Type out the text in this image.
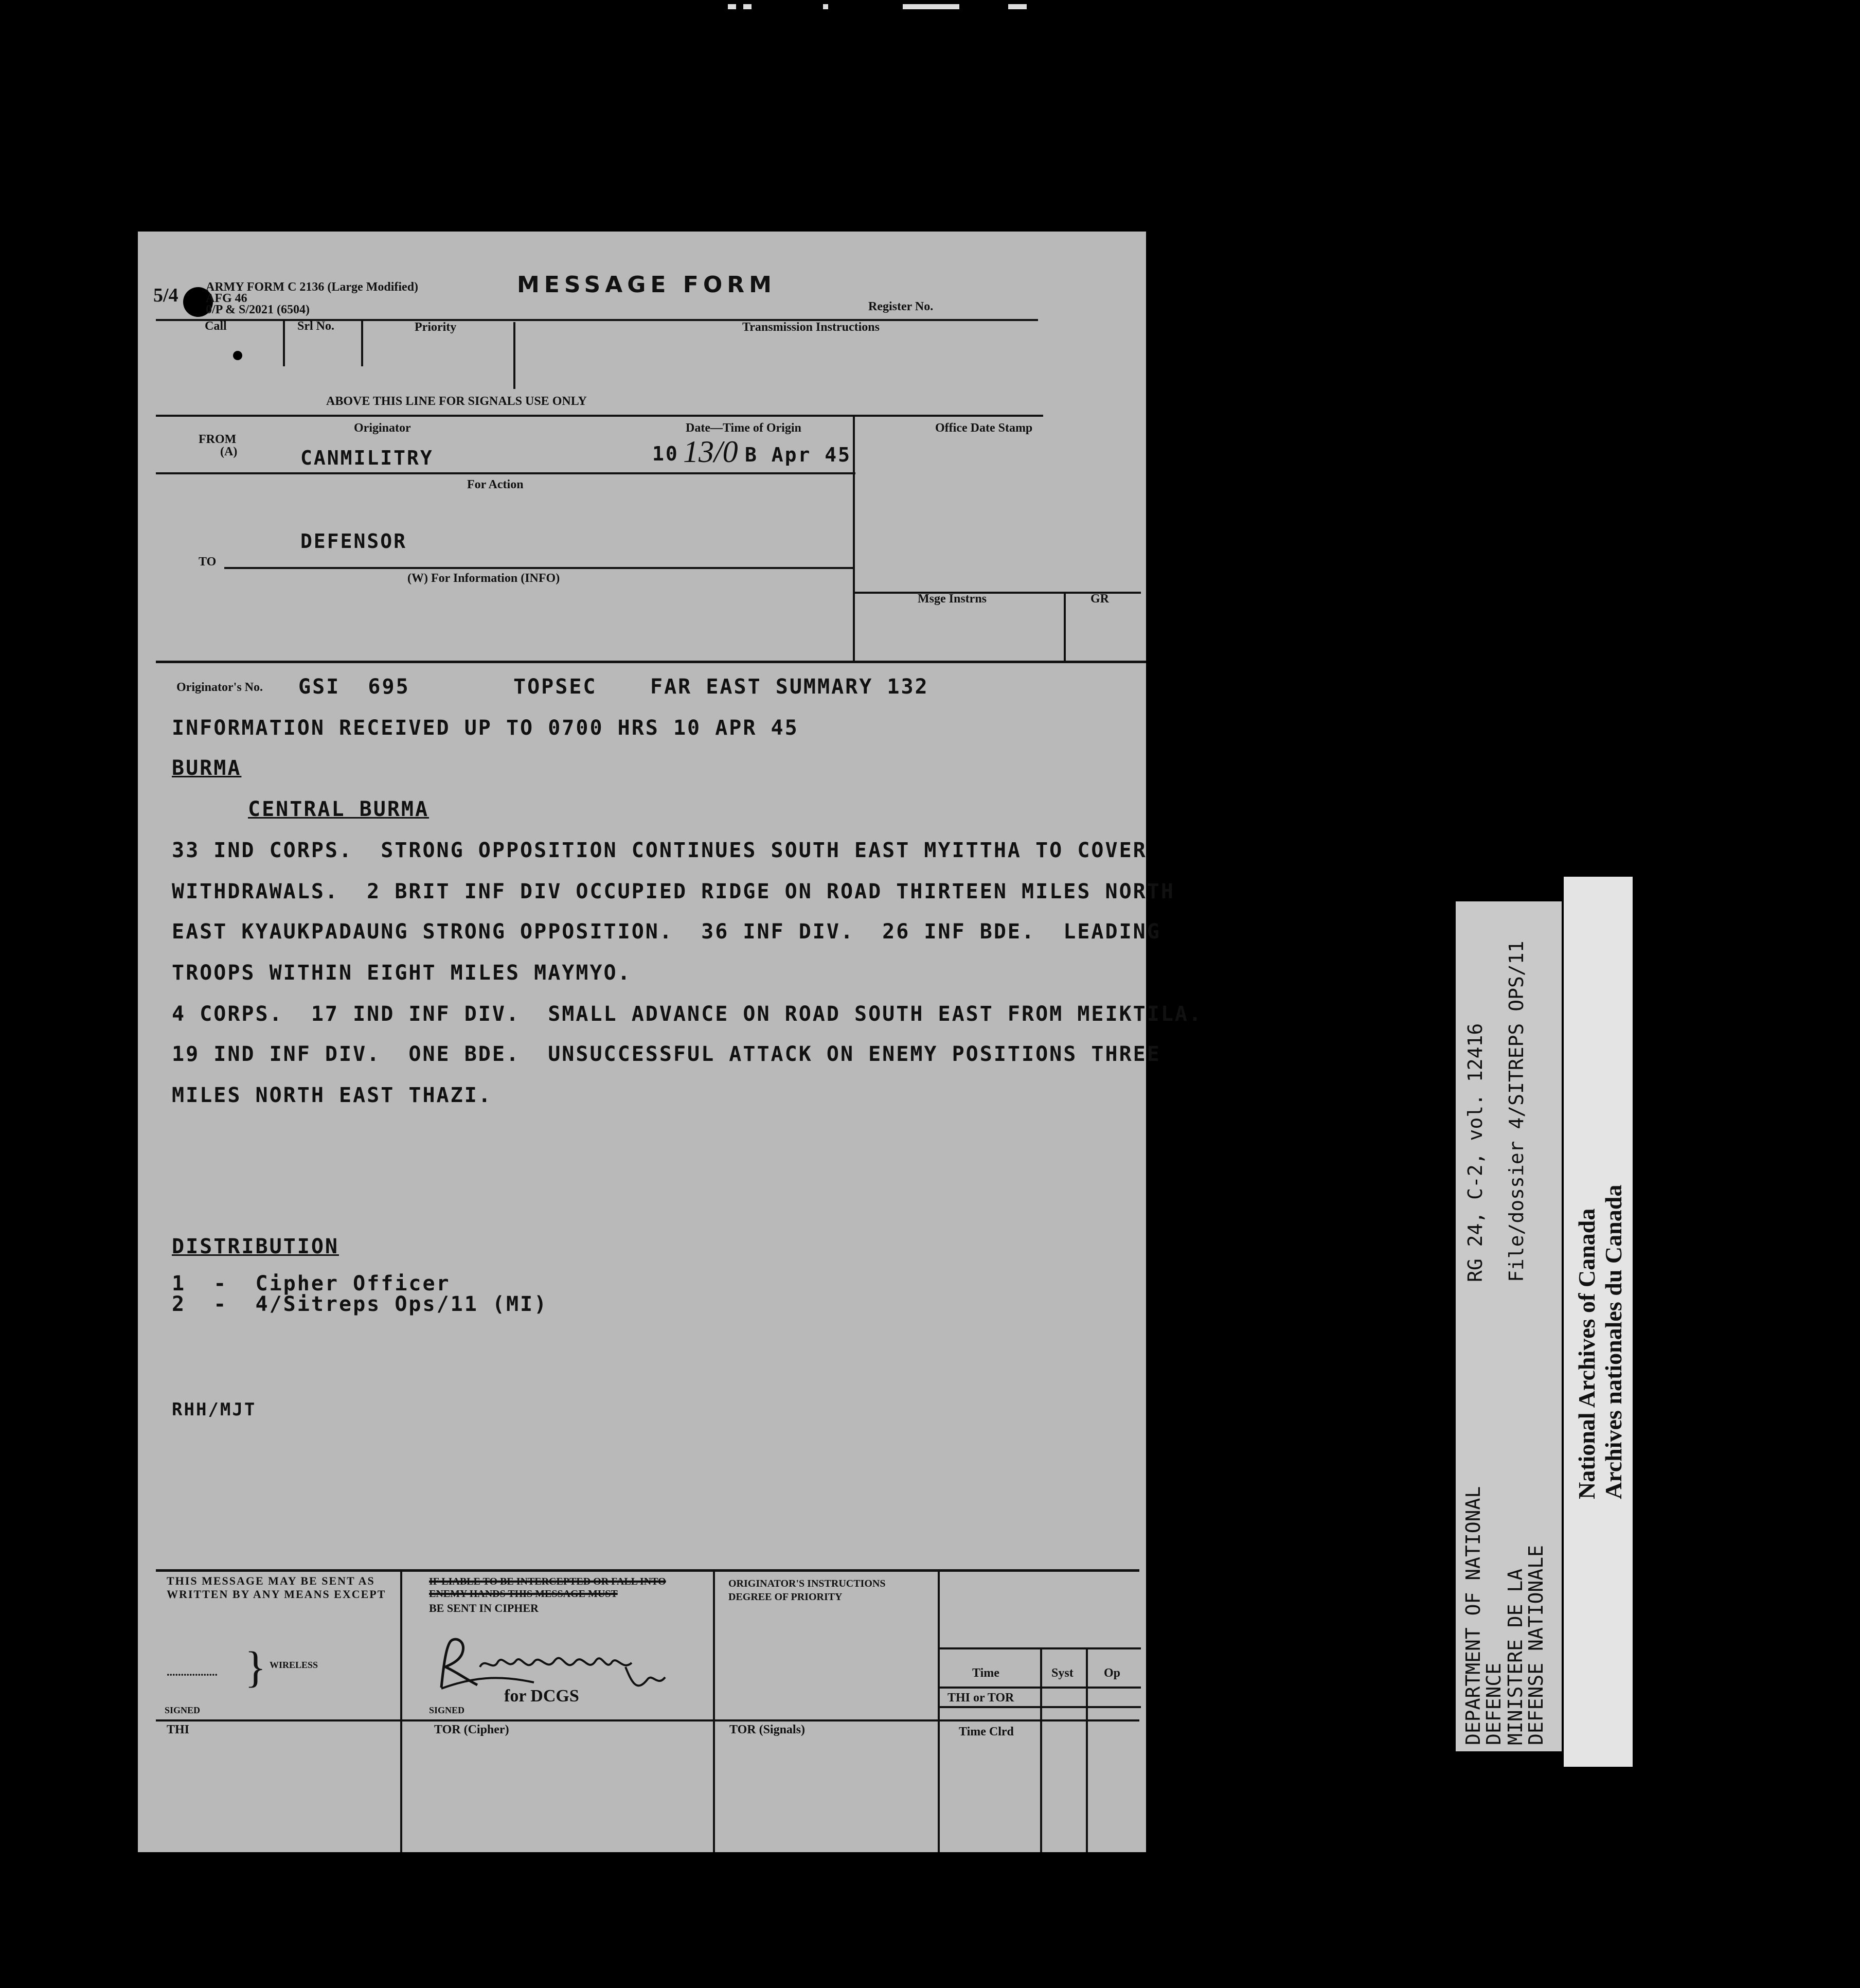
5/4 ARMY FORM C 2136 (Large Modified)
AFG 46
0/P & S/2021 (6504)
MESSAGE FORM
Register No.
Call	Srl No.	Priority	Transmission Instructions
ABOVE THIS LINE FOR SIGNALS USE ONLY
FROM
(A)
Originator
CANMILITRY
Date—Time of Origin
10 13/0 B Apr 45
Office Date Stamp
For Action
DEFENSOR
TO
(W) For Information (INFO)
Msge Instrns	GR
Originator's No. GSI  695	TOPSEC	FAR EAST SUMMARY 132
INFORMATION RECEIVED UP TO 0700 HRS 10 APR 45
BURMA
CENTRAL BURMA
33 IND CORPS.  STRONG OPPOSITION CONTINUES SOUTH EAST MYITTHA TO COVER
WITHDRAWALS.  2 BRIT INF DIV OCCUPIED RIDGE ON ROAD THIRTEEN MILES NORTH
EAST KYAUKPADAUNG STRONG OPPOSITION.  36 INF DIV.  26 INF BDE.  LEADING
TROOPS WITHIN EIGHT MILES MAYMYO.
4 CORPS.  17 IND INF DIV.  SMALL ADVANCE ON ROAD SOUTH EAST FROM MEIKTILA.
19 IND INF DIV.  ONE BDE.  UNSUCCESSFUL ATTACK ON ENEMY POSITIONS THREE
MILES NORTH EAST THAZI.
DISTRIBUTION
1  -  Cipher Officer
2  -  4/Sitreps Ops/11 (MI)
RHH/MJT
THIS MESSAGE MAY BE SENT AS WRITTEN BY ANY MEANS EXCEPT
.................. } WIRELESS
SIGNED
IF LIABLE TO BE INTERCEPTED OR FALL INTO ENEMY HANDS THIS MESSAGE MUST
BE SENT IN CIPHER
for DCGS
SIGNED
ORIGINATOR'S INSTRUCTIONS
DEGREE OF PRIORITY
Time	Syst Op
THI or TOR
Time Clrd
THI	TOR (Cipher)	TOR (Signals)	DEPARTMENT OF NATIONAL DEFENCE
MINISTERE DE LA DEFENSE NATIONALE
RG 24, C-2, vol. 12416 File/dossier 4/SITREPS OPS/11
National Archives of Canada Archives nationales du Canada
